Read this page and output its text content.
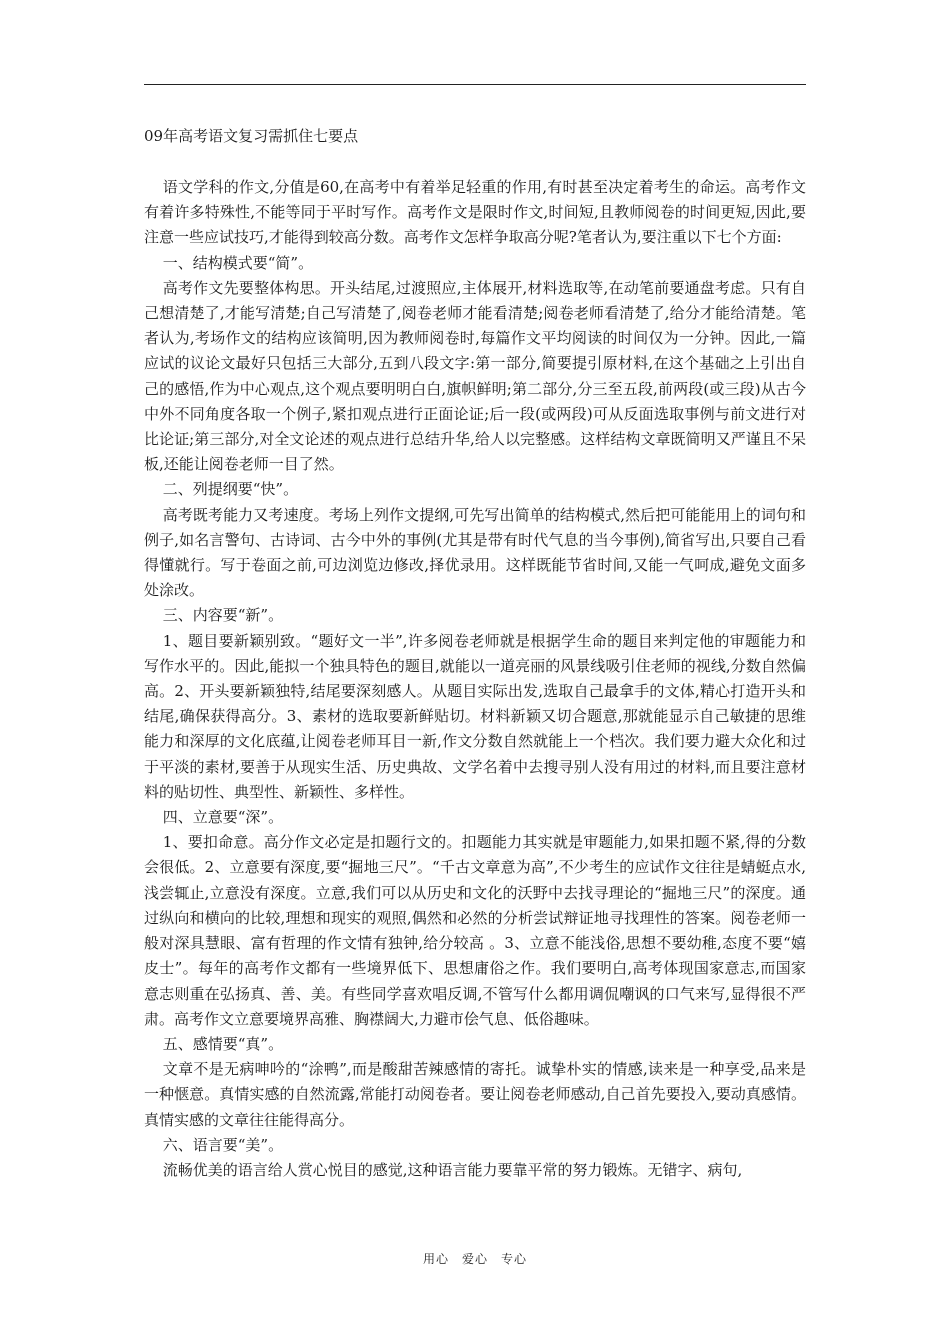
09年高考语文复习需抓住七要点

语文学科的作文,分值是60,在高考中有着举足轻重的作用,有时甚至决定着考生的命运。高考作文有着许多特殊性,不能等同于平时写作。高考作文是限时作文,时间短,且教师阅卷的时间更短,因此,要注意一些应试技巧,才能得到较高分数。高考作文怎样争取高分呢?笔者认为,要注重以下七个方面:

一、结构模式要“简”。

高考作文先要整体构思。开头结尾,过渡照应,主体展开,材料选取等,在动笔前要通盘考虑。只有自己想清楚了,才能写清楚;自己写清楚了,阅卷老师才能看清楚;阅卷老师看清楚了,给分才能给清楚。笔者认为,考场作文的结构应该简明,因为教师阅卷时,每篇作文平均阅读的时间仅为一分钟。因此,一篇应试的议论文最好只包括三大部分,五到八段文字:第一部分,简要提引原材料,在这个基础之上引出自己的感悟,作为中心观点,这个观点要明明白白,旗帜鲜明;第二部分,分三至五段,前两段(或三段)从古今中外不同角度各取一个例子,紧扣观点进行正面论证;后一段(或两段)可从反面选取事例与前文进行对比论证;第三部分,对全文论述的观点进行总结升华,给人以完整感。这样结构文章既简明又严谨且不呆板,还能让阅卷老师一目了然。

二、列提纲要“快”。

高考既考能力又考速度。考场上列作文提纲,可先写出简单的结构模式,然后把可能能用上的词句和例子,如名言警句、古诗词、古今中外的事例(尤其是带有时代气息的当今事例),简省写出,只要自己看得懂就行。写于卷面之前,可边浏览边修改,择优录用。这样既能节省时间,又能一气呵成,避免文面多处涂改。

三、内容要“新”。

1、题目要新颖别致。“题好文一半”,许多阅卷老师就是根据学生命的题目来判定他的审题能力和写作水平的。因此,能拟一个独具特色的题目,就能以一道亮丽的风景线吸引住老师的视线,分数自然偏高。2、开头要新颖独特,结尾要深刻感人。从题目实际出发,选取自己最拿手的文体,精心打造开头和结尾,确保获得高分。3、素材的选取要新鲜贴切。材料新颖又切合题意,那就能显示自己敏捷的思维能力和深厚的文化底蕴,让阅卷老师耳目一新,作文分数自然就能上一个档次。我们要力避大众化和过于平淡的素材,要善于从现实生活、历史典故、文学名着中去搜寻别人没有用过的材料,而且要注意材料的贴切性、典型性、新颖性、多样性。

四、立意要“深”。

1、要扣命意。高分作文必定是扣题行文的。扣题能力其实就是审题能力,如果扣题不紧,得的分数会很低。2、立意要有深度,要“掘地三尺”。“千古文章意为高”,不少考生的应试作文往往是蜻蜓点水,浅尝辄止,立意没有深度。立意,我们可以从历史和文化的沃野中去找寻理论的“掘地三尺”的深度。通过纵向和横向的比较,理想和现实的观照,偶然和必然的分析尝试辩证地寻找理性的答案。阅卷老师一般对深具慧眼、富有哲理的作文情有独钟,给分较高 。3、立意不能浅俗,思想不要幼稚,态度不要“嬉皮士”。每年的高考作文都有一些境界低下、思想庸俗之作。我们要明白,高考体现国家意志,而国家意志则重在弘扬真、善、美。有些同学喜欢唱反调,不管写什么都用调侃嘲讽的口气来写,显得很不严肃。高考作文立意要境界高雅、胸襟阔大,力避市侩气息、低俗趣味。

五、感情要“真”。

文章不是无病呻吟的“涂鸭”,而是酸甜苦辣感情的寄托。诚挚朴实的情感,读来是一种享受,品来是一种惬意。真情实感的自然流露,常能打动阅卷者。要让阅卷老师感动,自己首先要投入,要动真感情。真情实感的文章往往能得高分。

六、语言要“美”。

流畅优美的语言给人赏心悦目的感觉,这种语言能力要靠平常的努力锻炼。无错字、病句,

用心　爱心　专心
